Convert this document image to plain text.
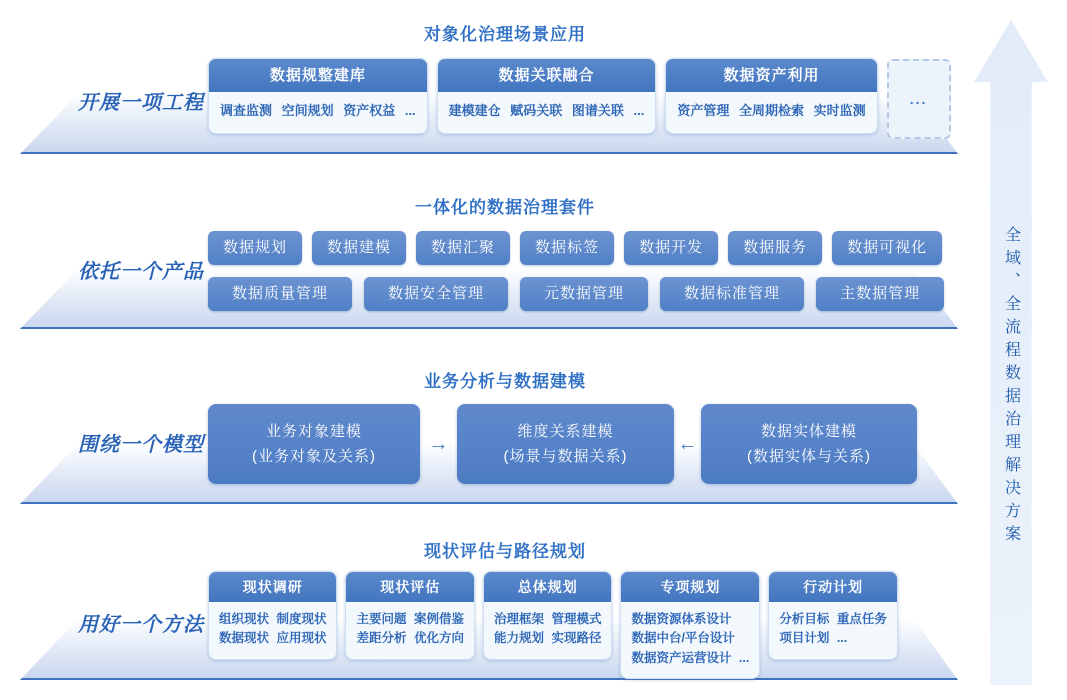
对象化治理场景应用
开展一项工程
数据规整建库
调查监测 空间规划 资产权益 ...
数据关联融合
建模建仓 赋码关联 图谱关联 ...
数据资产利用
资产管理 全周期检索 实时监测
...
一体化的数据治理套件
依托一个产品
数据规划	数据建模	数据汇聚	数据标签	数据开发	数据服务	数据可视化
数据质量管理	数据安全管理	元数据管理	数据标准管理	主数据管理
业务分析与数据建模
围绕一个模型
业务对象建模
(业务对象及关系)
→
维度关系建模
(场景与数据关系)
←
数据实体建模
(数据实体与关系)
现状评估与路径规划
用好一个方法
现状调研
组织现状 制度现状
数据现状 应用现状
现状评估
主要问题 案例借鉴
差距分析 优化方向
总体规划
治理框架 管理模式
能力规划 实现路径
专项规划
数据资源体系设计
数据中台/平台设计
数据资产运营设计 ...
行动计划
分析目标 重点任务
项目计划 ...
全域、全流程数据治理解决方案
